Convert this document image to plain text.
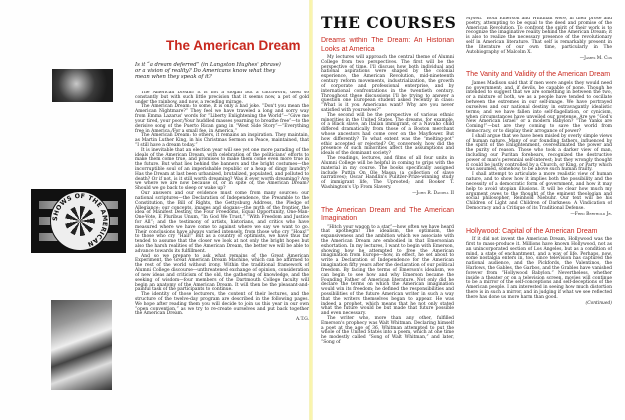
SHOWS OF THE AMERICAN
The American Dream
Is it “a dream deferred” (in Langston Hughes' phrase) or a vision of reality? Do Americans know what they mean when they speak of it?

The American Dream: it is not a slogan but a catchword, used so constantly but with such little precision that it seems now, a pot of gold under the rainbow, and now, a receding mirage.

The American Dream: to some, it is only a bad joke. “Don't you mean the American Nightmare?” They feel we have traveled a long and sorry way from Emma Lazarus' words for “Liberty Enlightening the World”—“Give me your tired, your poor,/Your huddled masses yearning to breathe free”—to the derisive song of the Puerto Rican gang in “West Side Story”—“Everything free in America,/For a small fee, in America.”

The American Dream: to others, it remains an inspiration. They maintain, as Martin Luther King, in his Christmas Sermon on Peace, maintained, that “I still have a dream today.”

It is inevitable that an election year will see yet one more parading of the ideals of the American Dream, with celebration of the politicians' efforts to make them come true, and promises to make them come even more true in the future. But what lies behind the banners and the bright costumes—the incorruptible soul of an imperishable republic or a heap of dingy laundry? Has the Dream at last been urbanized, brutalized, populated, and polluted to death? Or if not, is it still worth dreaming? Was it ever worth dreaming? Are we where we are now because of, or in spite of, the American Dream? Should we go back to sleep or wake up?

Our answers and our evidence must come from many sources: our national scriptures—the Declaration of Independence, the Preamble to the Constitution, the Bill of Rights, the Gettysburg Address, the Pledge of Allegiance; our concepts, images and slogans—the myth of the frontier, the idea of Manifest Destiny, the Four Freedoms, Equal Opportunity, One-Man-One-Vote, E Pluribus Unum, “In God We Trust,” “With Freedom and Justice for All”; and the testimony of artists, historians, and critics who have measured where we have come to against where we say we want to go. Their conclusions have always varied intensely, from those who cry “Hoax!” to those who cry “Hail!” But as a country of optimists, we have thus far tended to assume that the closer we look at not only the bright hopes but also the harsh realities of the American Dream, the better we will be able to advance towards its fulfillment.

And so we prepare to ask what remains of the Great American Experiment, the Great American Dream Machine, which can be affirmed to the rest of the world without irony. Within the traditional framework of Alumni College discourse—unthreatened exchange of opinion, consideration of new ideas and criticism of the old, the gathering of knowledge, and the seeking of wisdom—four members of the Dartmouth College faculty will begin an anatomy of the American Dream. It will then be the pleasant-and-painful task of the participants to continue.

The identity of those lecturers, the content of their lectures, and the structure of the twelve-day program are described in the following pages. We hope after reading them you will decide to join us this year in our own “open convention,” as we try to re-create ourselves and put back together the American Dream.

A.T.G.
THE COURSES
Dreams within The Dream: An Historian Looks at America

My lectures will approach the central theme of Alumni College from two perspectives. The first will be the perspective of time. I'll discuss how both individual and national aspirations were shaped by the colonial experience, the American Revolution, mid-nineteenth century reform movements, industrialization, the growth of corporate and professional enterprise, and by international confrontations in the twentieth century. Throughout these discussions I'll be trying to answer a question one European student asked recently in class: “What is it you Americans want? Why are you never satisfied with yourselves?”

The second will be the perspective of various ethnic minorities in the United States. The dreams, for example, of a Black slave, an Italian immigrant, or a Navaho child differed dramatically from those of a Boston merchant whose ancestors had come over on the Mayflower. But how differently? To what extent was the “melting-pot” ethic accepted or rejected? Or, conversely, how did the presence of such minorities affect the assumptions and ideals of the dominant society?

The readings, lectures, and films of all four units in Alumni College will be helpful in coming to grips with the material in my course. The books specifically assigned include Puttin On Ole Massa (a collection of slave narratives); Oscar Handlin's Pulitzer-Prize-winning study of immigrant life, The Uprooted; and Booker T. Washington's Up From Slavery.

—John R. Daniell II
The American Dream and The American Imagination

“Hitch your wagon to a star”—how often we have heard that apothegm! The idealism, the optimism, the expansiveness and the ambition which we associate with the American Dream are embodied in that Emersonian exhortation. In my lectures, I want to begin with Emerson, showing how he attempted to free the American imagination from Europe—how, in effect, he set about to write a Declaration of Independence for the American imagination fifty years after the declaration of our political freedom. By facing the terms of Emerson's idealism, we can begin to see how and why Emerson became the Founding Father of American literature. Not only did he declare the terms on which the American imagination would win its freedom; he defined the responsibilities and possibilities of the future American writer in such a way that the writers themselves began to appear. He was indeed a prophet, which means that he not only stated what the future would be but made that future possible and even necessary.

The writer who, more than any other, fulfilled Emerson's prophecy was Walt Whitman. Declaring himself a poet at the age of 36, Whitman attempted to put the whole of the United States into a poem, which at one time he modestly called “Song of Walt Whitman,” and later, “Song of

Myself.” Both Emerson and Whitman were, in their prose and poetry, attempting to be equal to the deed and promise of the American Revolution. To confront the spirit of their work is to recognize the imaginative reality behind the American Dream; it is also to realize the necessary presence of the revolutionary self in American literature. That self is remarkably present in the literature of our own time, particularly in The Autobiography of Malcolm X.

—James M. Cox
The Vanity and Validity of the American Dream

James Madison said that if men were angels they would need no government; and, if devils, be capable of none. Though he intended to suggest that we are something in between the two, or a mixture of both, we as a people have tended to oscillate between the extremes in our self-image. We have portrayed ourselves and our national destiny in extravagantly idealistic terms; and we have fallen into self-flagellation, or cynicism, when circumstances have unveiled our pretense. Are we “God's New American Israel” or a modern Babylon? “The Yanks are Coming!”—but are they coming to save the world from democracy, or to display their arrogance of power?

I shall argue that we have been misled by overly simple views of human nature. Many of our founding fathers, influenced by the spirit of the Enlightenment, overestimated the power and the purity of reason. Those who took a darker view of man, including our Puritan forebears, recognized the destructive power of man's perennial self-interest; but they wrongly thought it could be justly controlled by a Church, or King, or Party which was assumed, somehow, to be above such human frailty.

I shall attempt to articulate a more realistic view of human nature, and to show how it implies both the possibility and the necessity of a democratic form of government, and how it may help to avoid utopian illusions. It will be clear how much my argument owes to the thought of the eminent theologian and social philosopher, Reinhold Niebuhr. Our text will be his Children of Light and Children of Darkness: A Vindication of Democracy and a Critique of its Traditional Defense.

—Fred Berthold Jr.
Hollywood: Capital of the American Dream

If it did not invent the American Dream, Hollywood was the first to mass-produce it. Millions have known Hollywood, not as an unincorporated section of Los Angeles, but as a condition of mind, a state of enchantment, and a way of life. Perhaps, now, some nostalgia enters in, too, since television has captured the national audience, and the Pickfords, the Valentinos, the Harlows, the Gables, the Garbos, and the Grables have vanished forever from “Hollywood Babylon.” Nevertheless, whether inside a theater or on a television screen, movies will continue to be a mirror of the self-conceptions and self-deceptions of the American people. I am interested in seeing how much distortion there is in such a mirror, and in judging if what we see reflected there has done us more harm than good.

(Continued)
